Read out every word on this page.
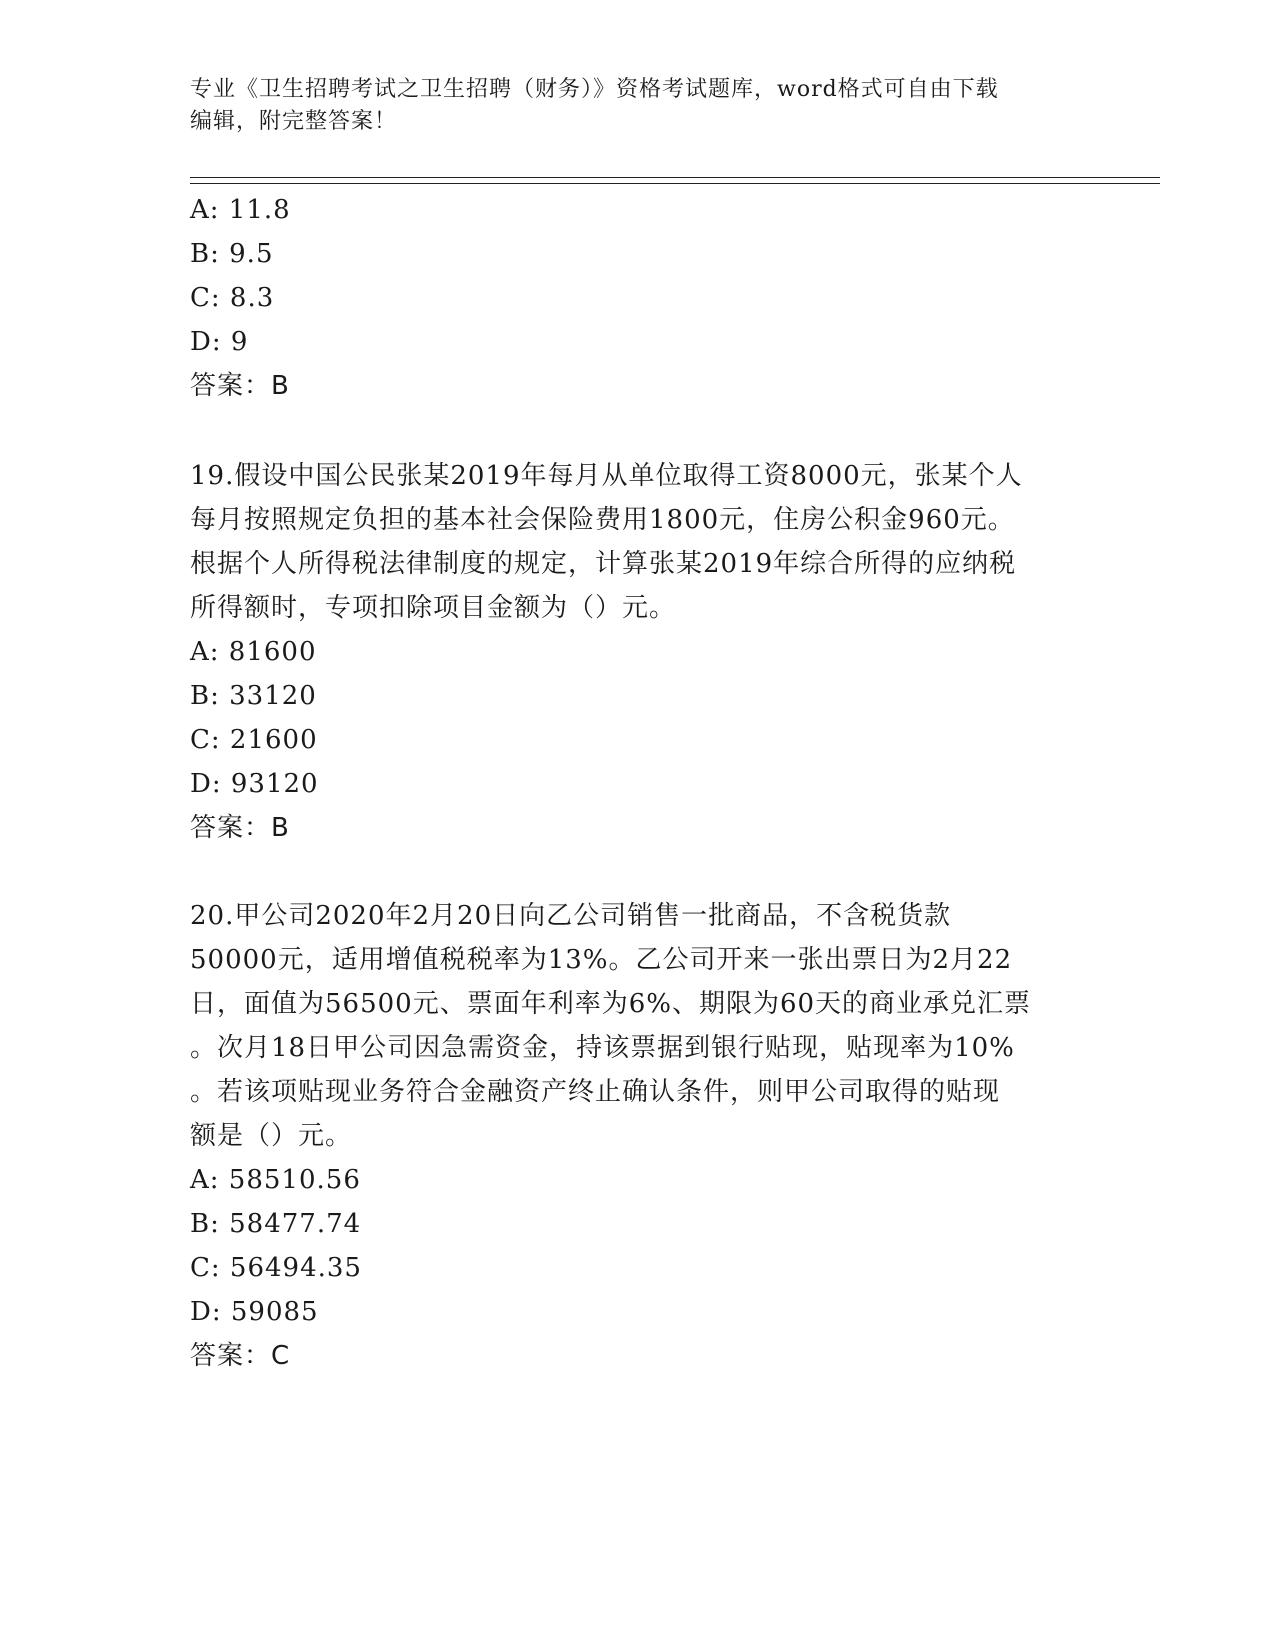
专业《卫生招聘考试之卫生招聘（财务）》资格考试题库，word格式可自由下载
编辑，附完整答案！
A: 11.8
B: 9.5
C: 8.3
D: 9
答案：B
19.假设中国公民张某2019年每月从单位取得工资8000元，张某个人
每月按照规定负担的基本社会保险费用1800元，住房公积金960元。
根据个人所得税法律制度的规定，计算张某2019年综合所得的应纳税
所得额时，专项扣除项目金额为（）元。
A: 81600
B: 33120
C: 21600
D: 93120
答案：B
20.甲公司2020年2月20日向乙公司销售一批商品，不含税货款
50000元，适用增值税税率为13%。乙公司开来一张出票日为2月22
日，面值为56500元、票面年利率为6%、期限为60天的商业承兑汇票
。次月18日甲公司因急需资金，持该票据到银行贴现，贴现率为10%
。若该项贴现业务符合金融资产终止确认条件，则甲公司取得的贴现
额是（）元。
A: 58510.56
B: 58477.74
C: 56494.35
D: 59085
答案：C
